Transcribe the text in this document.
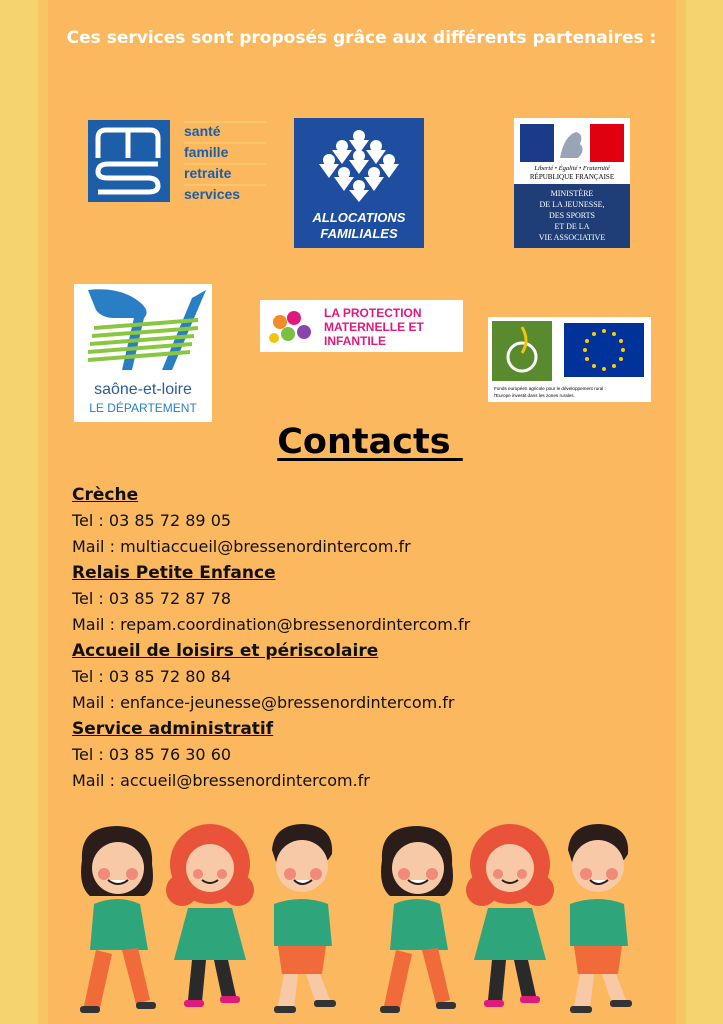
Ces services sont proposés grâce aux différents partenaires :
santé
famille
retraite
services
ALLOCATIONS
FAMILIALES
Liberté • Égalité • Fraternité
RÉPUBLIQUE FRANÇAISE
MINISTÈRE
DE LA JEUNESSE,
DES SPORTS
ET DE LA
VIE ASSOCIATIVE
saône-et-loire
LE DÉPARTEMENT
LA PROTECTION
MATERNELLE ET
INFANTILE
Fonds européen agricole pour le développement rural :
l'Europe investit dans les zones rurales.
Contacts
Crèche
Tel : 03 85 72 89 05
Mail : multiaccueil@bressenordintercom.fr
Relais Petite Enfance
Tel : 03 85 72 87 78
Mail : repam.coordination@bressenordintercom.fr
Accueil de loisirs et périscolaire
Tel : 03 85 72 80 84
Mail : enfance-jeunesse@bressenordintercom.fr
Service administratif
Tel : 03 85 76 30 60
Mail : accueil@bressenordintercom.fr
